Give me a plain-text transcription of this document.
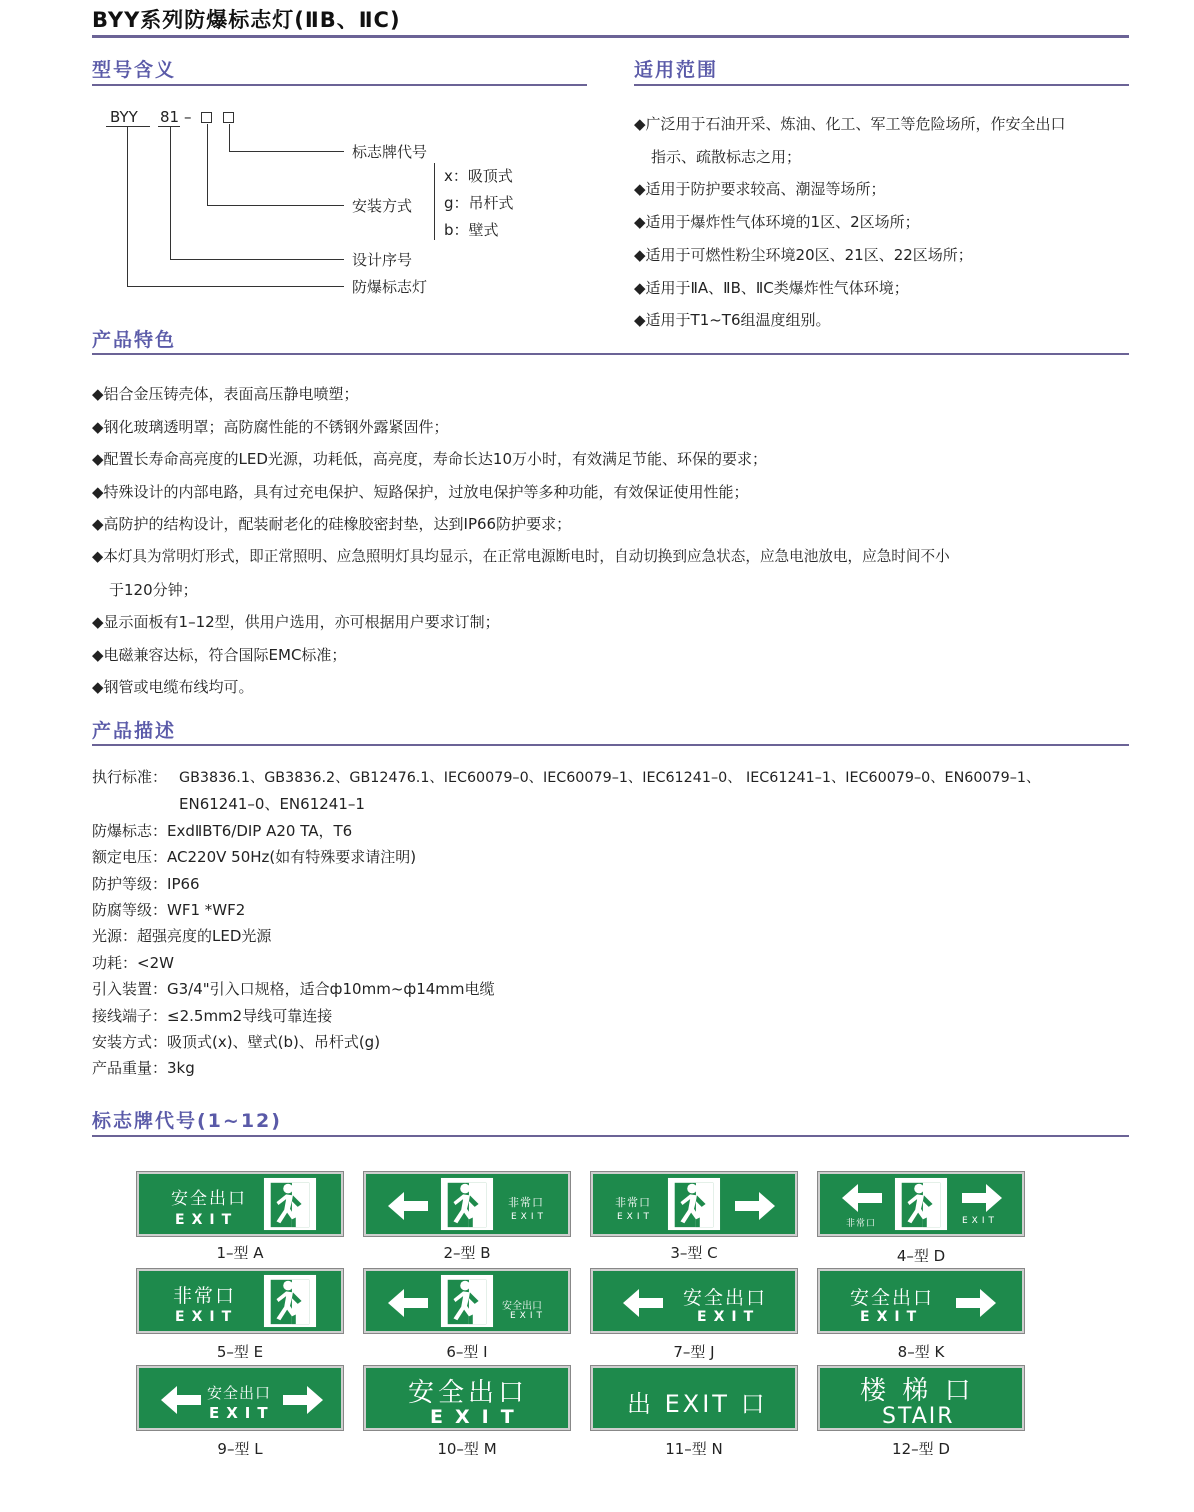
BYY系列防爆标志灯(ⅡB、ⅡC)
型号含义
BYY 81 –
标志牌代号
安装方式
x：吸顶式
g：吊杆式
b：壁式
设计序号
防爆标志灯
适用范围
◆广泛用于石油开采、炼油、化工、军工等危险场所，作安全出口
指示、疏散标志之用；
◆适用于防护要求较高、潮湿等场所；
◆适用于爆炸性气体环境的1区、2区场所；
◆适用于可燃性粉尘环境20区、21区、22区场所；
◆适用于ⅡA、ⅡB、ⅡC类爆炸性气体环境；
◆适用于T1~T6组温度组别。
产品特色
◆铝合金压铸壳体，表面高压静电喷塑；
◆钢化玻璃透明罩；高防腐性能的不锈钢外露紧固件；
◆配置长寿命高亮度的LED光源，功耗低，高亮度，寿命长达10万小时，有效满足节能、环保的要求；
◆特殊设计的内部电路，具有过充电保护、短路保护，过放电保护等多种功能，有效保证使用性能；
◆高防护的结构设计，配装耐老化的硅橡胶密封垫，达到IP66防护要求；
◆本灯具为常明灯形式，即正常照明、应急照明灯具均显示，在正常电源断电时，自动切换到应急状态，应急电池放电，应急时间不小
于120分钟；
◆显示面板有1–12型，供用户选用，亦可根据用户要求订制；
◆电磁兼容达标，符合国际EMC标准；
◆钢管或电缆布线均可。
产品描述
执行标准： GB3836.1、GB3836.2、GB12476.1、IEC60079–0、IEC60079–1、IEC61241–0、 IEC61241–1、IEC60079–0、EN60079–1、
EN61241–0、EN61241–1
防爆标志：ExdⅡBT6/DIP A20 TA，T6
额定电压：AC220V 50Hz(如有特殊要求请注明)
防护等级：IP66
防腐等级：WF1 *WF2
光源：超强亮度的LED光源
功耗：<2W
引入装置：G3/4"引入口规格，适合ф10mm~ф14mm电缆
接线端子：≤2.5mm2导线可靠连接
安装方式：吸顶式(x)、壁式(b)、吊杆式(g)
产品重量：3kg
标志牌代号(1~12)
安全出口
EXIT
1–型 A
非常口
EXIT
2–型 B
非常口
EXIT
3–型 C
非常口	EXIT
4–型 D
非常口
EXIT
5–型 E
安全出口
EXIT
6–型 I
安全出口
EXIT
7–型 J
安全出口
EXIT
8–型 K
安全出口
EXIT
9–型 L
安全出口
EXIT
10–型 M
出 EXIT 口
11–型 N
楼 梯 口
STAIR
12–型 D
